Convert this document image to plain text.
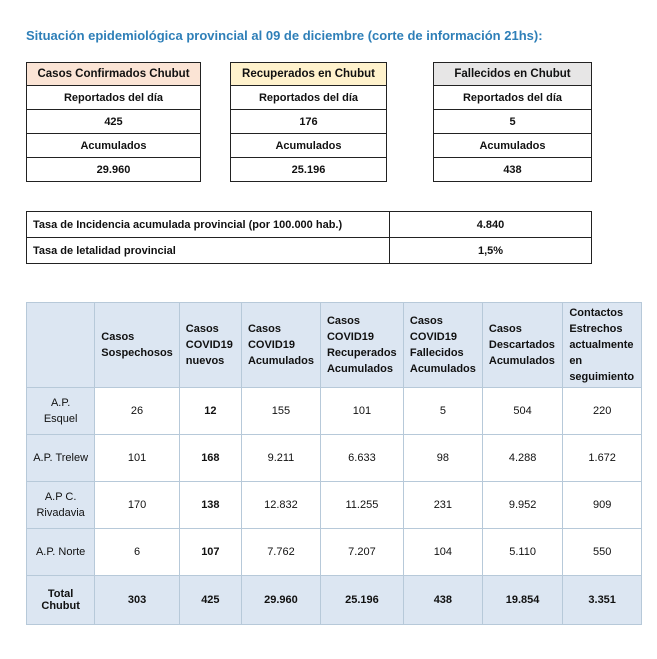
Situación epidemiológica provincial al 09 de diciembre (corte de información 21hs):
Casos Confirmados Chubut
Reportados del día
425
Acumulados
29.960
Recuperados en Chubut
Reportados del día
176
Acumulados
25.196
Fallecidos en Chubut
Reportados del día
5
Acumulados
438
Tasa de Incidencia acumulada provincial (por 100.000 hab.)	4.840
Tasa de letalidad provincial	1,5%
	Casos Sospechosos	Casos COVID19 nuevos	Casos COVID19 Acumulados	Casos COVID19 Recuperados Acumulados	Casos COVID19 Fallecidos Acumulados	Casos Descartados Acumulados	Contactos Estrechos actualmente en seguimiento
A.P. Esquel	26	12	155	101	5	504	220
A.P. Trelew	101	168	9.211	6.633	98	4.288	1.672
A.P C. Rivadavia	170	138	12.832	11.255	231	9.952	909
A.P. Norte	6	107	7.762	7.207	104	5.110	550
Total Chubut	303	425	29.960	25.196	438	19.854	3.351
